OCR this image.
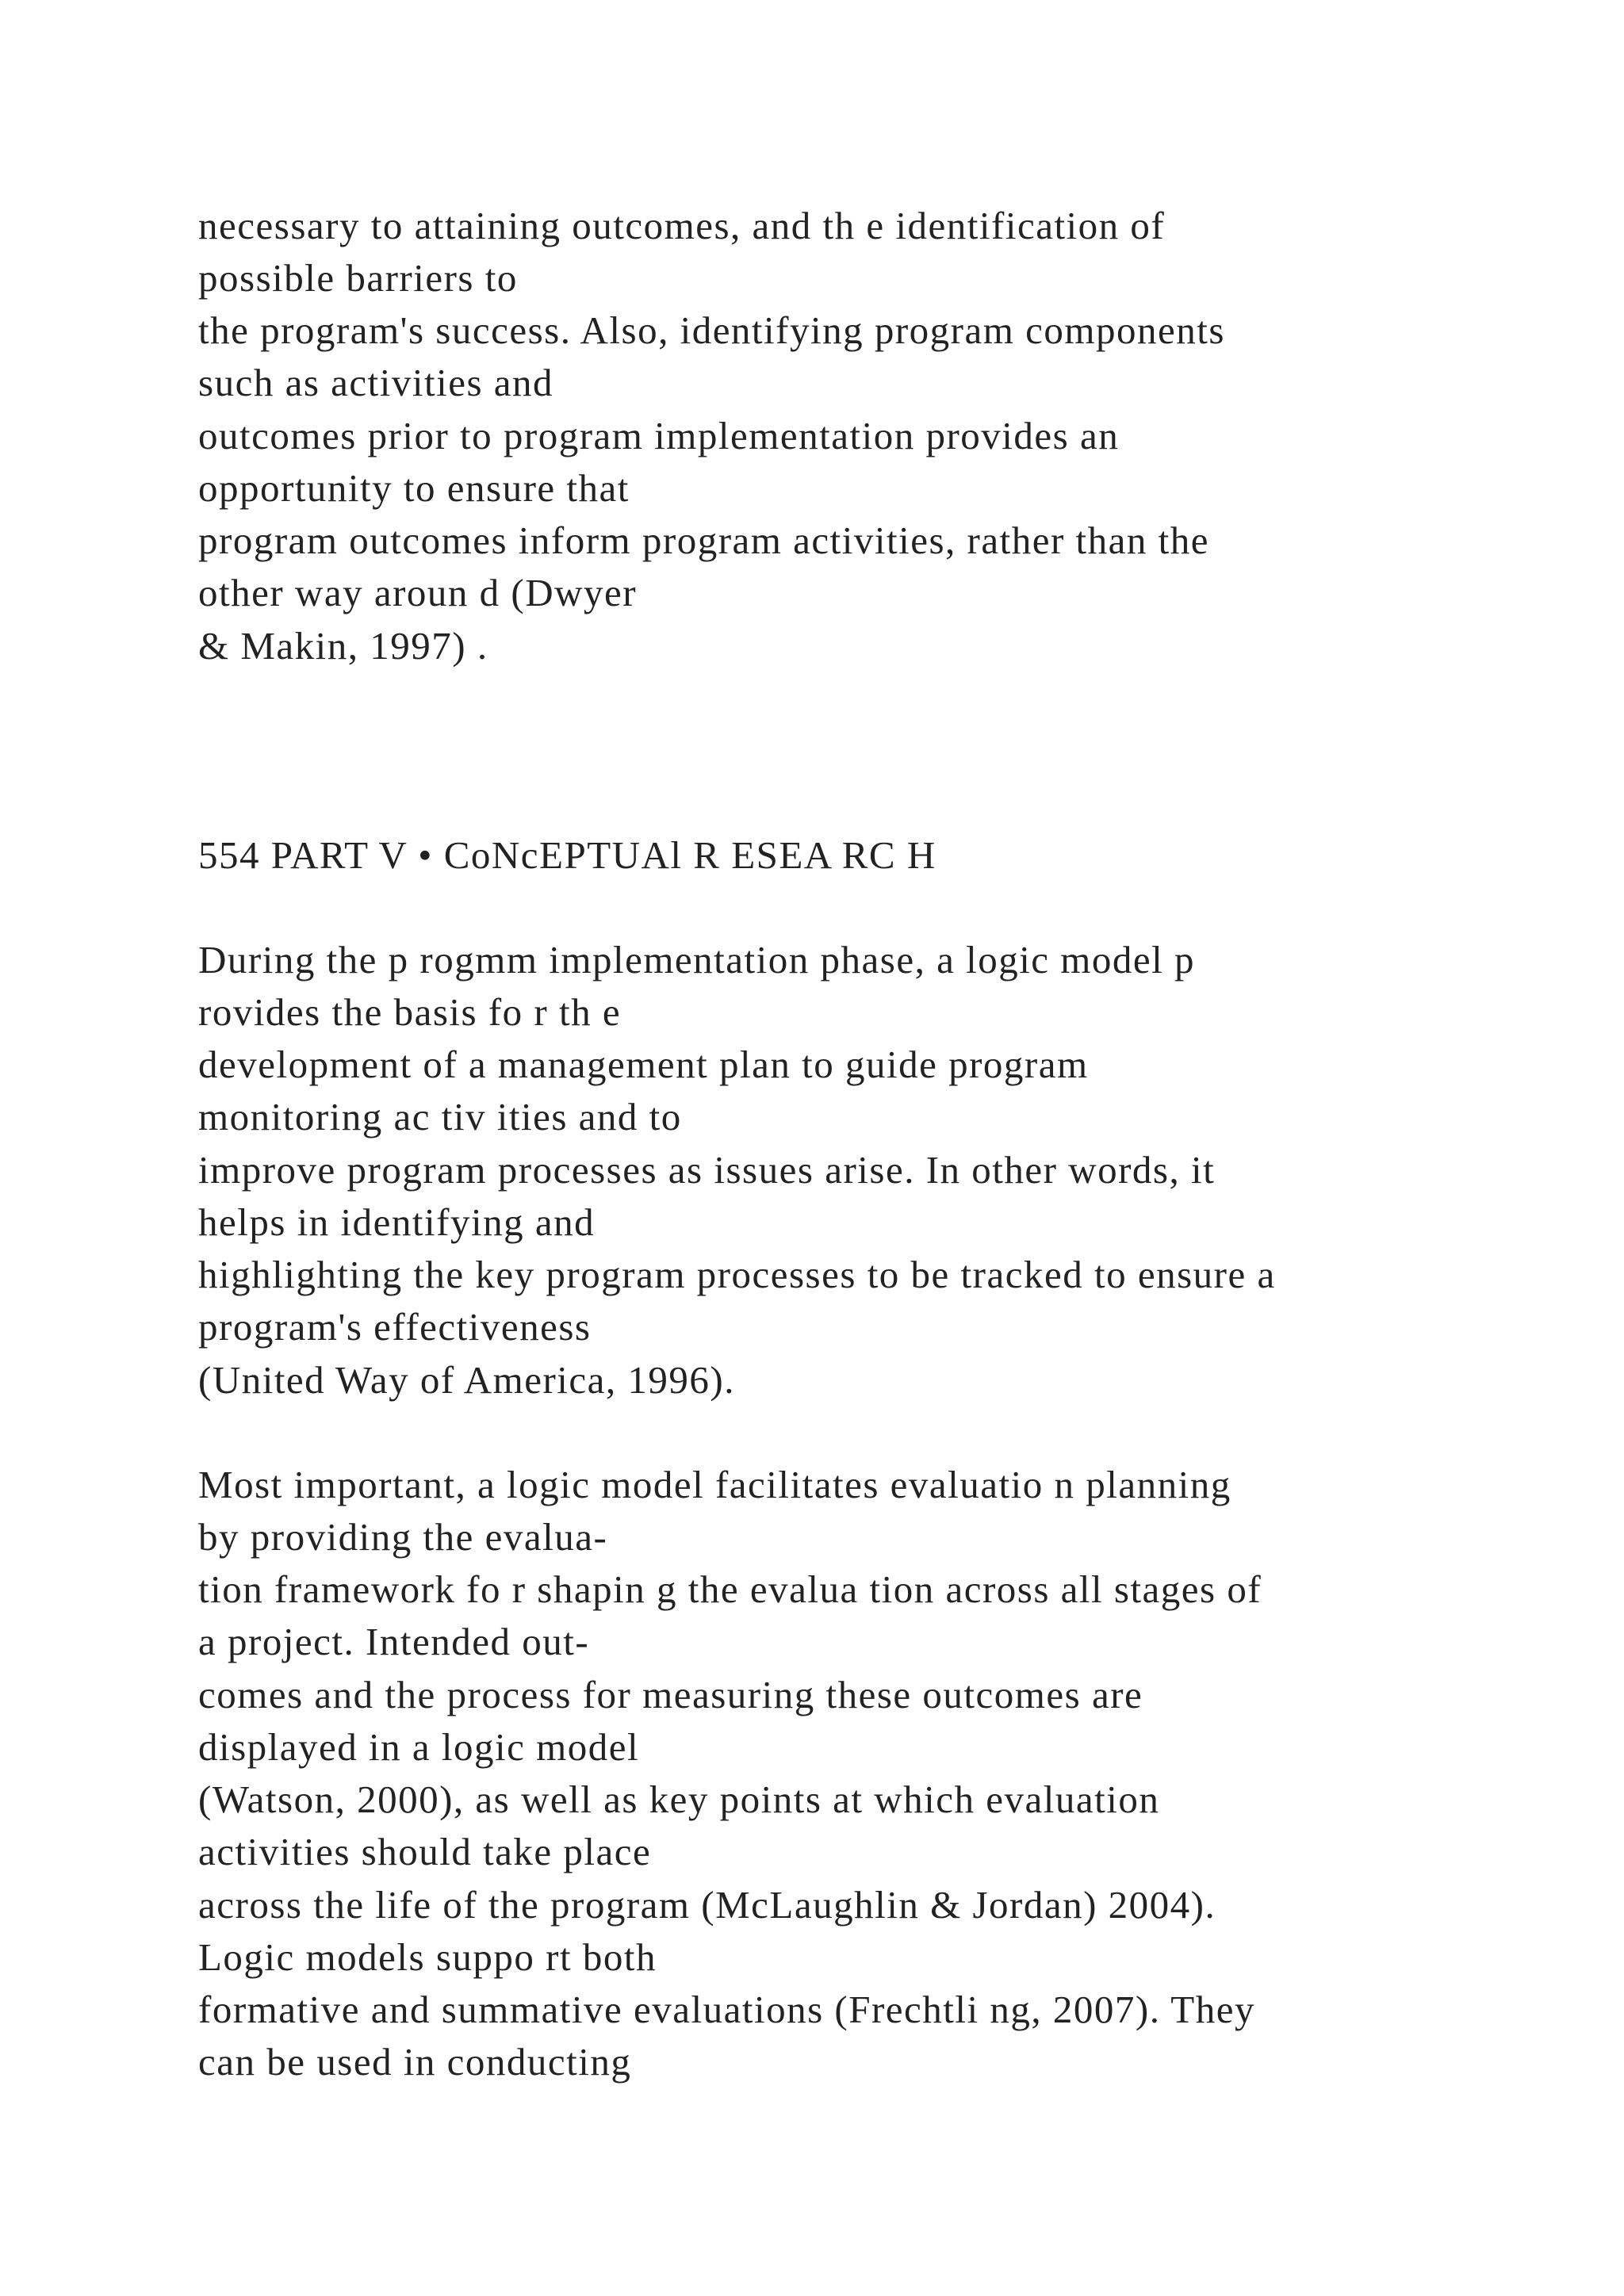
necessary to attaining outcomes, and th e identification of

possible barriers to

the program's success. Also, identifying program components

such as activities and

outcomes prior to program implementation provides an

opportunity to ensure that

program outcomes inform program activities, rather than the

other way aroun d (Dwyer

& Makin, 1997) .

554 PART V • CoNcEPTUAl R ESEA RC H

During the p rogmm implementation phase, a logic model p

rovides the basis fo r th e

development of a management plan to guide program

monitoring ac tiv ities and to

improve program processes as issues arise. In other words, it

helps in identifying and

highlighting the key program processes to be tracked to ensure a

program's effectiveness

(United Way of America, 1996).

Most important, a logic model facilitates evaluatio n planning

by providing the evalua-

tion framework fo r shapin g the evalua tion across all stages of

a project. Intended out-

comes and the process for measuring these outcomes are

displayed in a logic model

(Watson, 2000), as well as key points at which evaluation

activities should take place

across the life of the program (McLaughlin & Jordan) 2004).

Logic models suppo rt both

formative and summative evaluations (Frechtli ng, 2007). They

can be used in conducting
